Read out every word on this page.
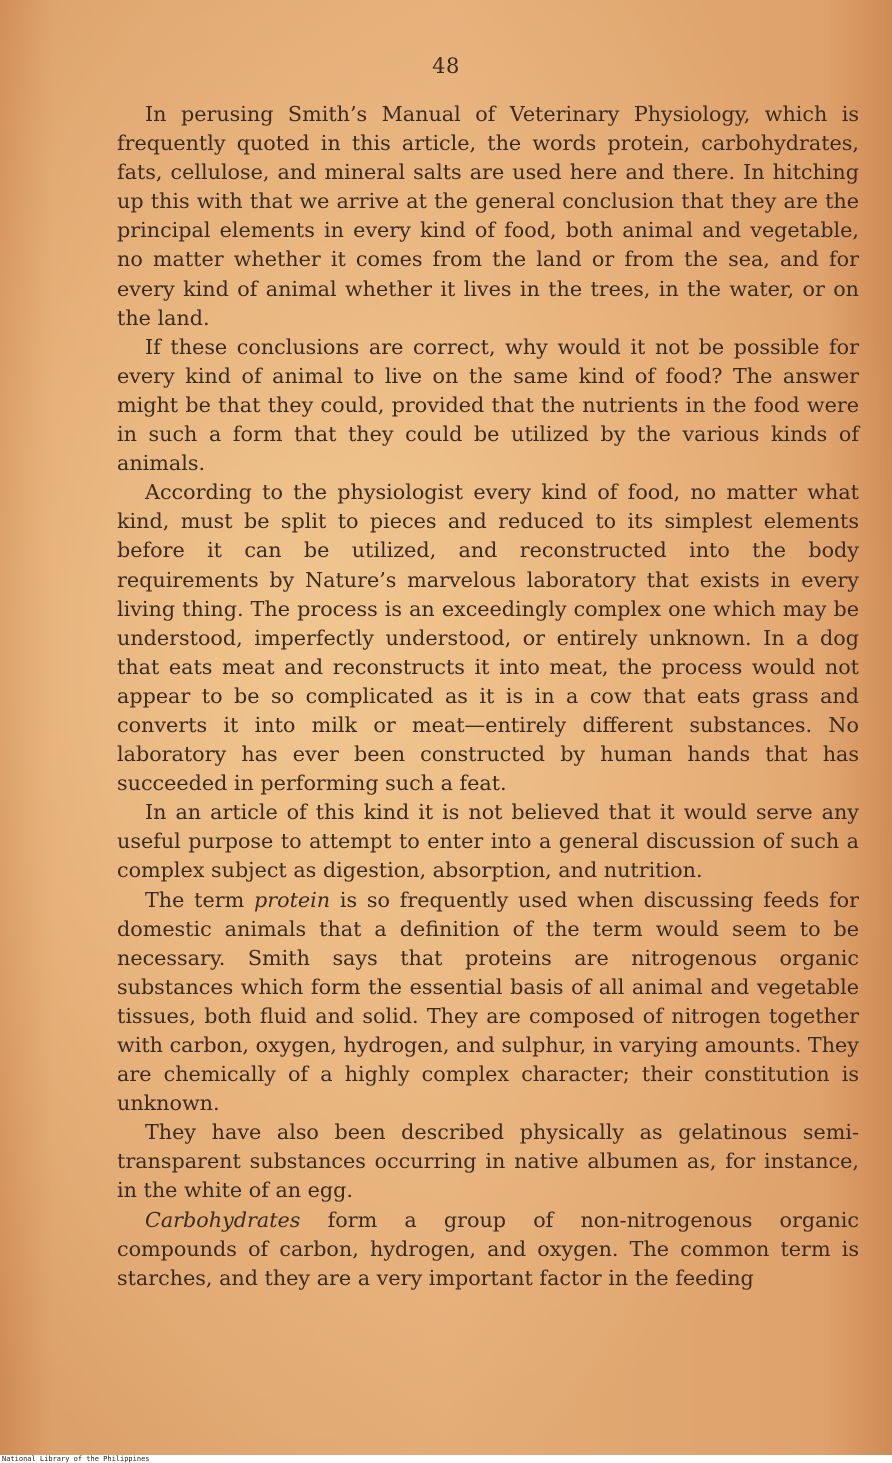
48

In perusing Smith’s Manual of Veterinary Physiology, which is frequently quoted in this article, the words protein, carbohydrates, fats, cellulose, and mineral salts are used here and there. In hitching up this with that we arrive at the general conclusion that they are the principal elements in every kind of food, both animal and vegetable, no matter whether it comes from the land or from the sea, and for every kind of animal whether it lives in the trees, in the water, or on the land.

If these conclusions are correct, why would it not be possible for every kind of animal to live on the same kind of food? The answer might be that they could, provided that the nutrients in the food were in such a form that they could be utilized by the various kinds of animals.

According to the physiologist every kind of food, no matter what kind, must be split to pieces and reduced to its simplest elements before it can be utilized, and reconstructed into the body requirements by Nature’s marvelous laboratory that exists in every living thing. The process is an exceedingly complex one which may be understood, imperfectly understood, or entirely unknown. In a dog that eats meat and reconstructs it into meat, the process would not appear to be so complicated as it is in a cow that eats grass and converts it into milk or meat—entirely different substances. No laboratory has ever been constructed by human hands that has succeeded in performing such a feat.

In an article of this kind it is not believed that it would serve any useful purpose to attempt to enter into a general discussion of such a complex subject as digestion, absorption, and nutrition.

The term protein is so frequently used when discussing feeds for domestic animals that a definition of the term would seem to be necessary. Smith says that proteins are nitrogenous organic substances which form the essential basis of all animal and vegetable tissues, both fluid and solid. They are composed of nitrogen together with carbon, oxygen, hydrogen, and sulphur, in varying amounts. They are chemically of a highly complex character; their constitution is unknown.

They have also been described physically as gelatinous semi-transparent substances occurring in native albumen as, for instance, in the white of an egg.

Carbohydrates form a group of non-nitrogenous organic compounds of carbon, hydrogen, and oxygen. The common term is starches, and they are a very important factor in the feeding

National Library of the Philippines
